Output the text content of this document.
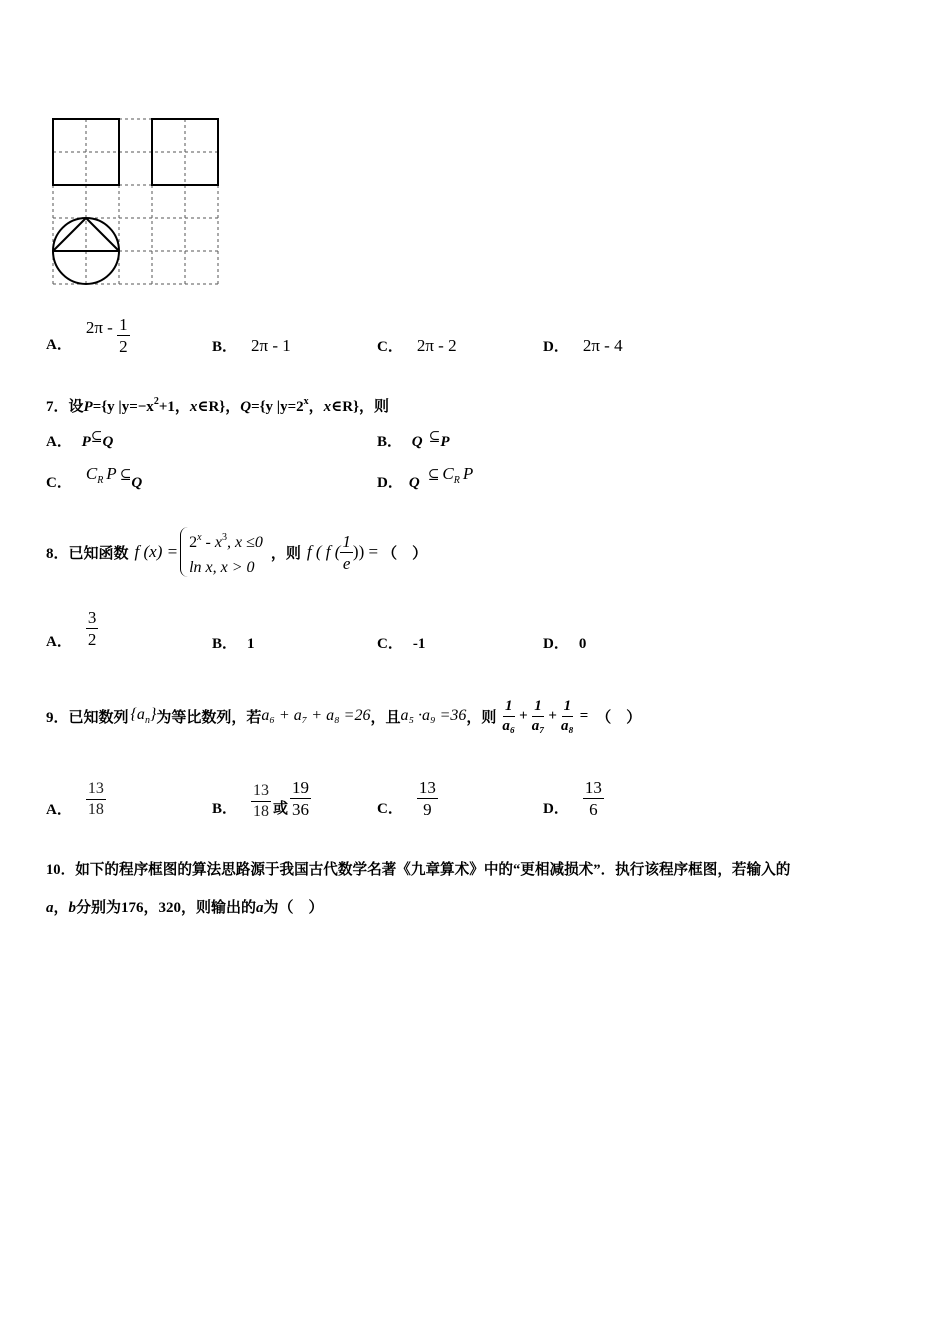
A．
$2\pi - \frac{1}{2}$	B． 2π - 1	C． 2π - 2	D． 2π - 4
7．设P={y $|y=-x^2+1$，x∈R}，Q={y $|y=2^x$，x∈R}，则
A． P⊆Q	B． Q ⊆P
C． $C_R$ P ⊆ Q	D． Q ⊆ $C_R$ P
8． 已知函数 f $(x) = 2^x - x^3$, x ≤0
ln x, x > 0
，则 f ( f ( $\frac{1}{e}$ )) = （　）
A． $\frac{3}{2}$	B． 1	C． -1	D． 0
9． 已知数列 $\{a_n\}$ 为等比数列，若 a₆ + a₇ + a₈ =26 ，且 a₅ ·a₉ =36 ，则 $\frac{1}{\text{a₆}} + \frac{1}{\text{a₇}} + \frac{1}{\text{a₈}}$ = （　）
A． $\frac{13}{18}$	B． $\frac{13}{18}$ 或 $\frac{19}{36}$	C． $\frac{13}{9}$	D． $\frac{13}{6}$
10．如下的程序框图的算法思路源于我国古代数学名著《九章算术》中的“更相减损术”．执行该程序框图，若输入的
a，b分别为176，320，则输出的a为（　）
